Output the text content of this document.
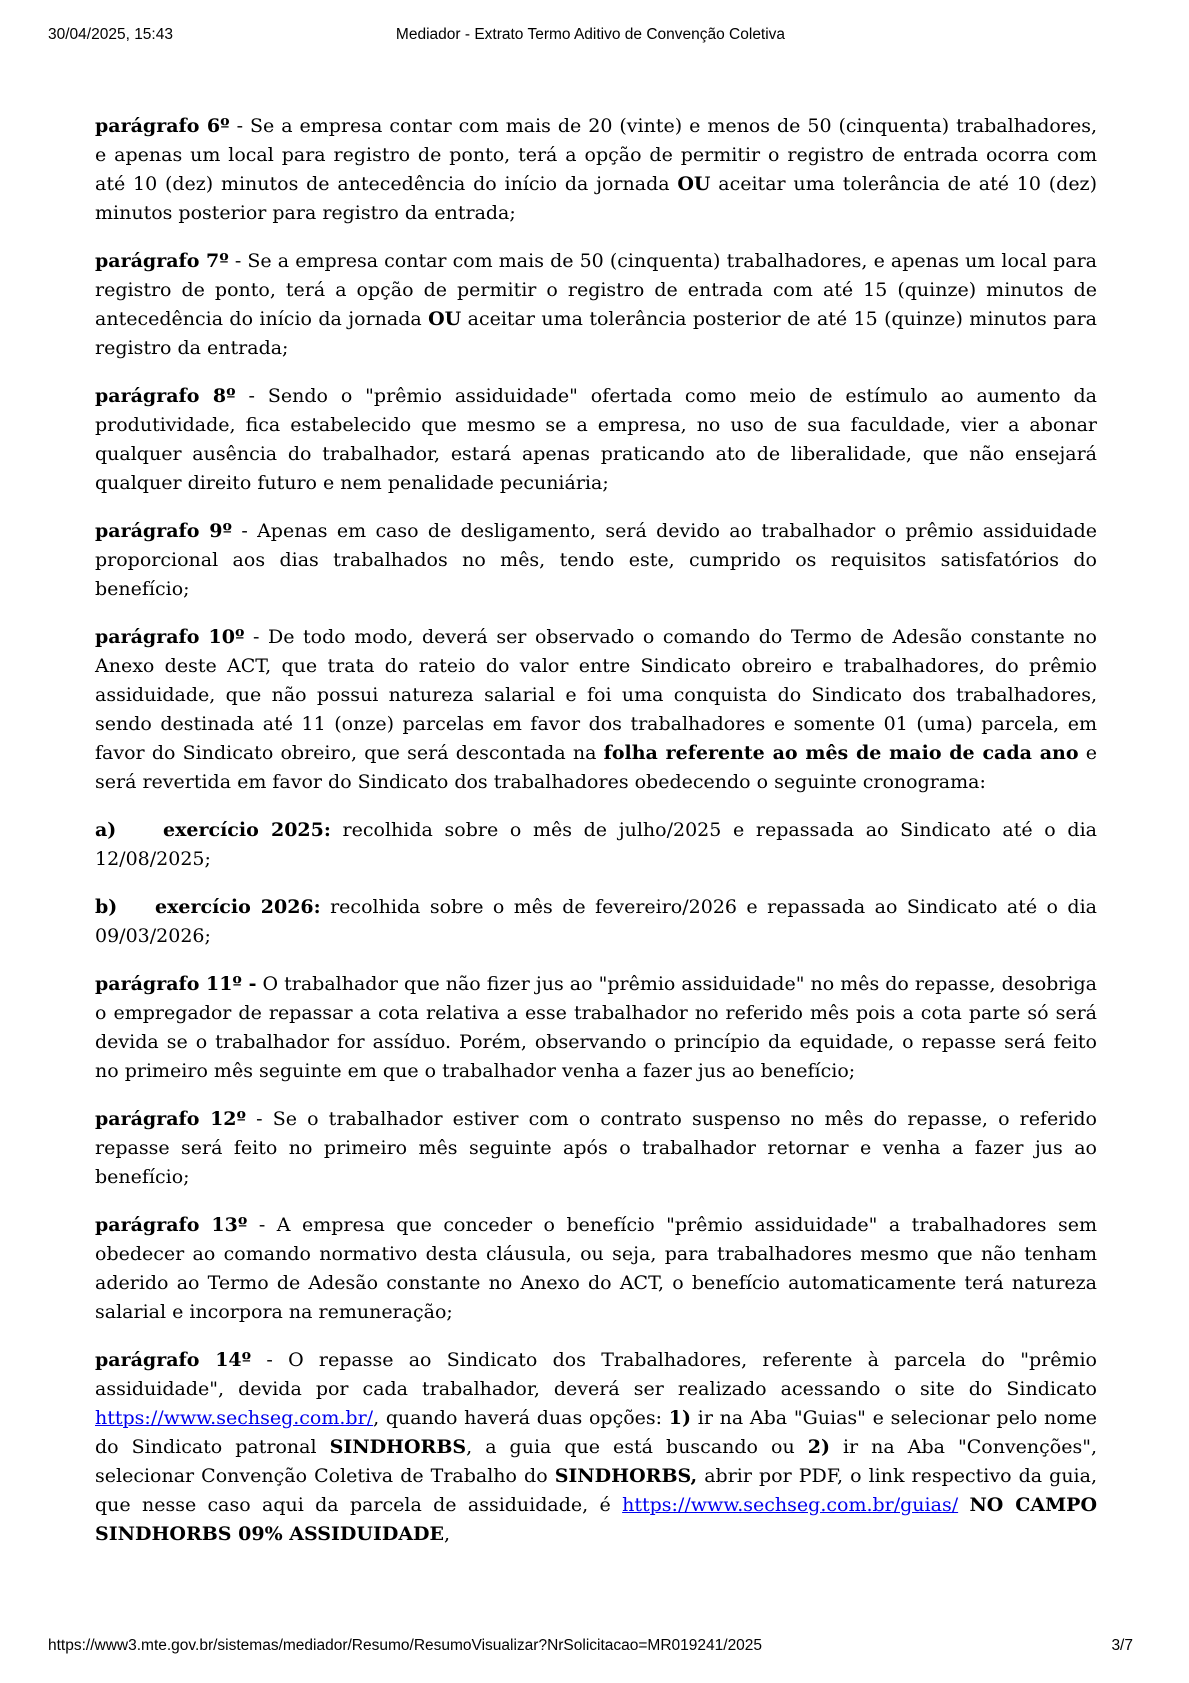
30/04/2025, 15:43	Mediador - Extrato Termo Aditivo de Convenção Coletiva

parágrafo 6º - Se a empresa contar com mais de 20 (vinte) e menos de 50 (cinquenta) trabalhadores, e apenas um local para registro de ponto, terá a opção de permitir o registro de entrada ocorra com até 10 (dez) minutos de antecedência do início da jornada OU aceitar uma tolerância de até 10 (dez) minutos posterior para registro da entrada;

parágrafo 7º - Se a empresa contar com mais de 50 (cinquenta) trabalhadores, e apenas um local para registro de ponto, terá a opção de permitir o registro de entrada com até 15 (quinze) minutos de antecedência do início da jornada OU aceitar uma tolerância posterior de até 15 (quinze) minutos para registro da entrada;

parágrafo 8º - Sendo o "prêmio assiduidade" ofertada como meio de estímulo ao aumento da produtividade, fica estabelecido que mesmo se a empresa, no uso de sua faculdade, vier a abonar qualquer ausência do trabalhador, estará apenas praticando ato de liberalidade, que não ensejará qualquer direito futuro e nem penalidade pecuniária;

parágrafo 9º - Apenas em caso de desligamento, será devido ao trabalhador o prêmio assiduidade proporcional aos dias trabalhados no mês, tendo este, cumprido os requisitos satisfatórios do benefício;

parágrafo 10º - De todo modo, deverá ser observado o comando do Termo de Adesão constante no Anexo deste ACT, que trata do rateio do valor entre Sindicato obreiro e trabalhadores, do prêmio assiduidade, que não possui natureza salarial e foi uma conquista do Sindicato dos trabalhadores, sendo destinada até 11 (onze) parcelas em favor dos trabalhadores e somente 01 (uma) parcela, em favor do Sindicato obreiro, que será descontada na folha referente ao mês de maio de cada ano e será revertida em favor do Sindicato dos trabalhadores obedecendo o seguinte cronograma:

a) exercício 2025: recolhida sobre o mês de julho/2025 e repassada ao Sindicato até o dia 12/08/2025;

b) exercício 2026: recolhida sobre o mês de fevereiro/2026 e repassada ao Sindicato até o dia 09/03/2026;

parágrafo 11º - O trabalhador que não fizer jus ao "prêmio assiduidade" no mês do repasse, desobriga o empregador de repassar a cota relativa a esse trabalhador no referido mês pois a cota parte só será devida se o trabalhador for assíduo. Porém, observando o princípio da equidade, o repasse será feito no primeiro mês seguinte em que o trabalhador venha a fazer jus ao benefício;

parágrafo 12º - Se o trabalhador estiver com o contrato suspenso no mês do repasse, o referido repasse será feito no primeiro mês seguinte após o trabalhador retornar e venha a fazer jus ao benefício;

parágrafo 13º - A empresa que conceder o benefício "prêmio assiduidade" a trabalhadores sem obedecer ao comando normativo desta cláusula, ou seja, para trabalhadores mesmo que não tenham aderido ao Termo de Adesão constante no Anexo do ACT, o benefício automaticamente terá natureza salarial e incorpora na remuneração;

parágrafo 14º - O repasse ao Sindicato dos Trabalhadores, referente à parcela do "prêmio assiduidade", devida por cada trabalhador, deverá ser realizado acessando o site do Sindicato https://www.sechseg.com.br/, quando haverá duas opções: 1) ir na Aba "Guias" e selecionar pelo nome do Sindicato patronal SINDHORBS, a guia que está buscando ou 2) ir na Aba "Convenções", selecionar Convenção Coletiva de Trabalho do SINDHORBS, abrir por PDF, o link respectivo da guia, que nesse caso aqui da parcela de assiduidade, é https://www.sechseg.com.br/guias/ NO CAMPO SINDHORBS 09% ASSIDUIDADE,

https://www3.mte.gov.br/sistemas/mediador/Resumo/ResumoVisualizar?NrSolicitacao=MR019241/2025	3/7
